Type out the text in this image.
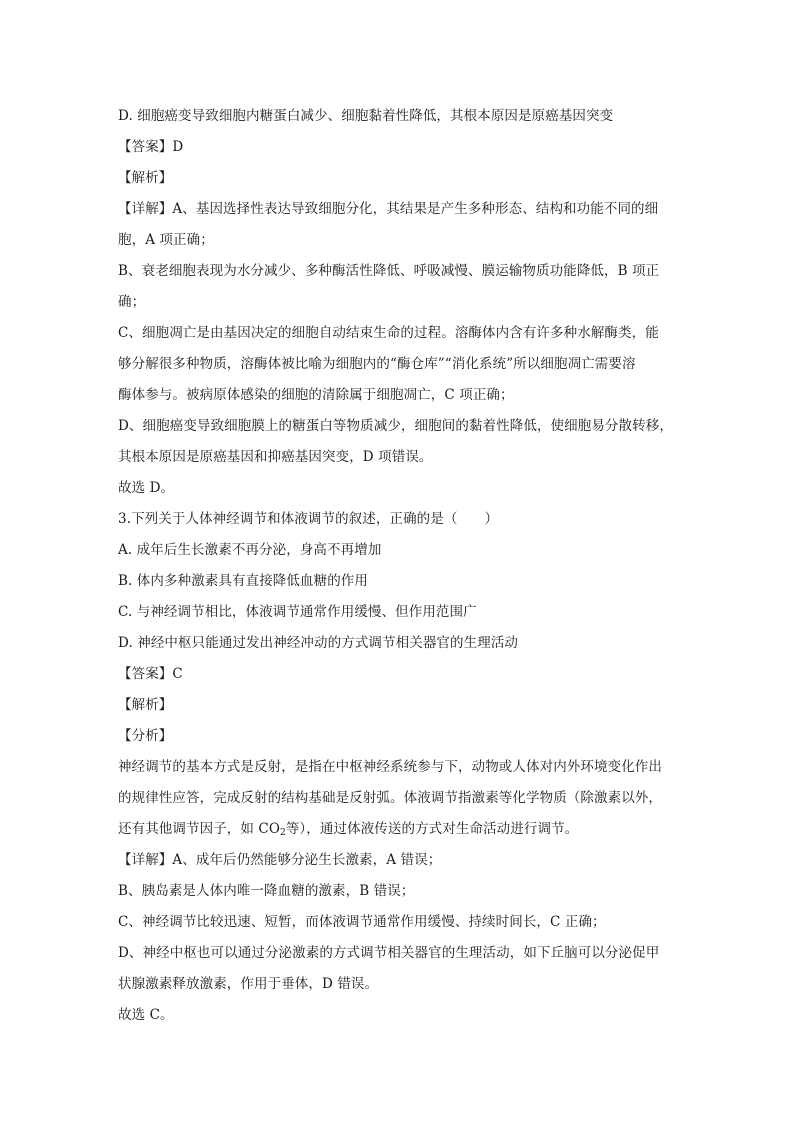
D. 细胞癌变导致细胞内糖蛋白减少、细胞黏着性降低，其根本原因是原癌基因突变
【答案】D
【解析】
【详解】A、基因选择性表达导致细胞分化，其结果是产生多种形态、结构和功能不同的细
胞，A 项正确；
B、衰老细胞表现为水分减少、多种酶活性降低、呼吸减慢、膜运输物质功能降低，B 项正
确；
C、细胞凋亡是由基因决定的细胞自动结束生命的过程。溶酶体内含有许多种水解酶类，能
够分解很多种物质，溶酶体被比喻为细胞内的“酶仓库”“消化系统”所以细胞凋亡需要溶
酶体参与。被病原体感染的细胞的清除属于细胞凋亡，C 项正确；
D、细胞癌变导致细胞膜上的糖蛋白等物质减少，细胞间的黏着性降低，使细胞易分散转移，
其根本原因是原癌基因和抑癌基因突变，D 项错误。
故选 D。
3.下列关于人体神经调节和体液调节的叙述，正确的是（　　）
A. 成年后生长激素不再分泌，身高不再增加
B. 体内多种激素具有直接降低血糖的作用
C. 与神经调节相比，体液调节通常作用缓慢、但作用范围广
D. 神经中枢只能通过发出神经冲动的方式调节相关器官的生理活动
【答案】C
【解析】
【分析】
神经调节的基本方式是反射，是指在中枢神经系统参与下，动物或人体对内外环境变化作出
的规律性应答，完成反射的结构基础是反射弧。体液调节指激素等化学物质（除激素以外，
还有其他调节因子，如 $CO_2$等），通过体液传送的方式对生命活动进行调节。
【详解】A、成年后仍然能够分泌生长激素，A 错误；
B、胰岛素是人体内唯一降血糖的激素，B 错误；
C、神经调节比较迅速、短暂，而体液调节通常作用缓慢、持续时间长，C 正确；
D、神经中枢也可以通过分泌激素的方式调节相关器官的生理活动，如下丘脑可以分泌促甲
状腺激素释放激素，作用于垂体，D 错误。
故选 C。
